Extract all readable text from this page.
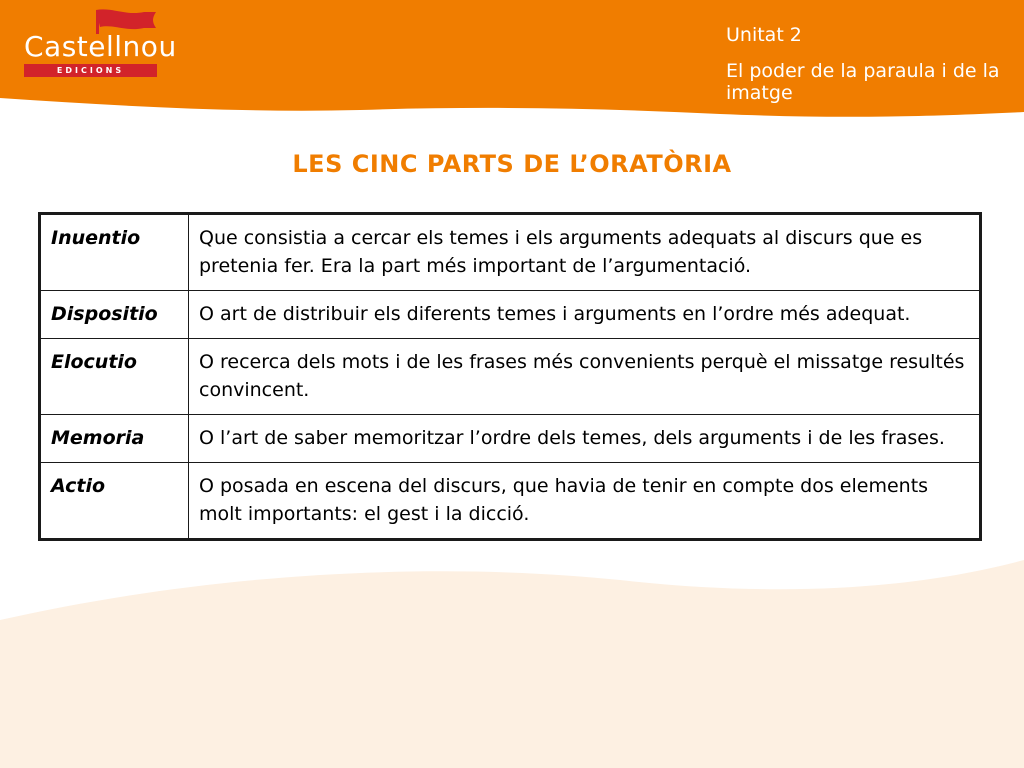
Castellnou
EDICIONS
Unitat 2
El poder de la paraula i de la imatge
LES CINC PARTS DE L’ORATÒRIA
Inuentio	Que consistia a cercar els temes i els arguments adequats al discurs que es pretenia fer. Era la part més important de l’argumentació.
Dispositio	O art de distribuir els diferents temes i arguments en l’ordre més adequat.
Elocutio	O recerca dels mots i de les frases més convenients perquè el missatge resultés convincent.
Memoria	O l’art de saber memoritzar l’ordre dels temes, dels arguments i de les frases.
Actio	O posada en escena del discurs, que havia de tenir en compte dos elements molt importants: el gest i la dicció.
